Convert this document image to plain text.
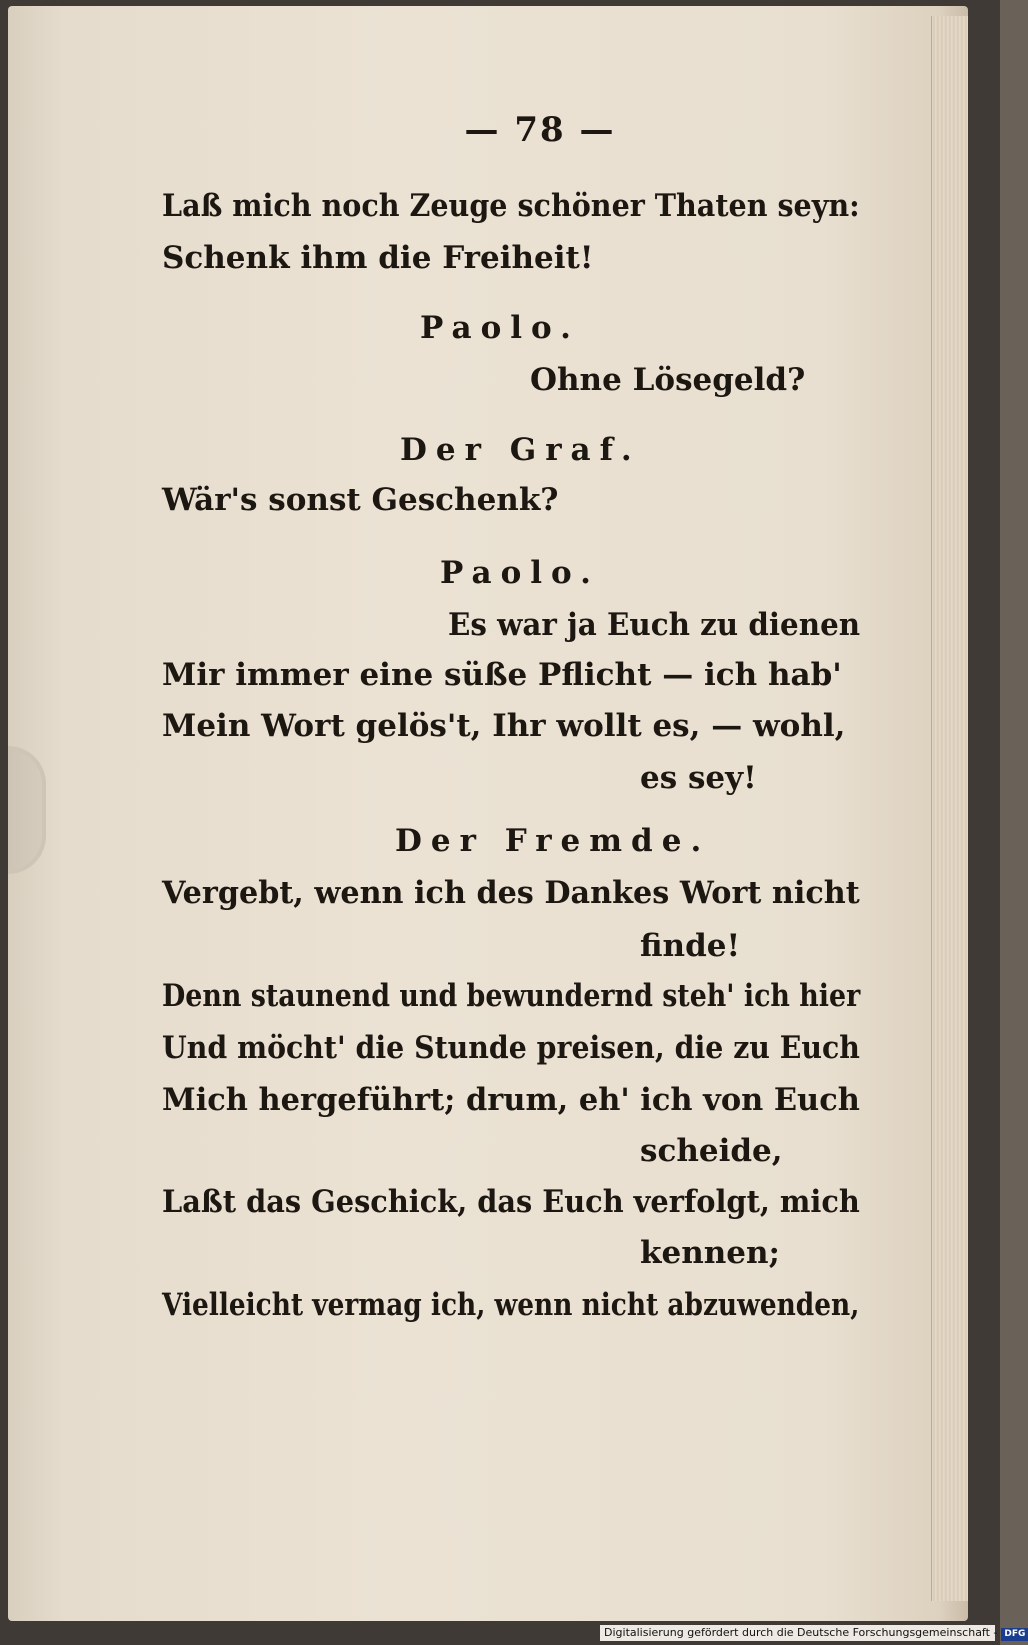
— 78 —
Laß mich noch Zeuge schöner Thaten seyn:
Schenk ihm die Freiheit!
Paolo.
Ohne Lösegeld?
Der Graf.
Wär's sonst Geschenk?
Paolo.
Es war ja Euch zu dienen
Mir immer eine süße Pflicht — ich hab'
Mein Wort gelös't, Ihr wollt es, — wohl,
es sey!
Der Fremde.
Vergebt, wenn ich des Dankes Wort nicht
finde!
Denn staunend und bewundernd steh' ich hier
Und möcht' die Stunde preisen, die zu Euch
Mich hergeführt; drum, eh' ich von Euch
scheide,
Laßt das Geschick, das Euch verfolgt, mich
kennen;
Vielleicht vermag ich, wenn nicht abzuwenden,
Digitalisierung gefördert durch die Deutsche Forschungsgemeinschaft - DFG
